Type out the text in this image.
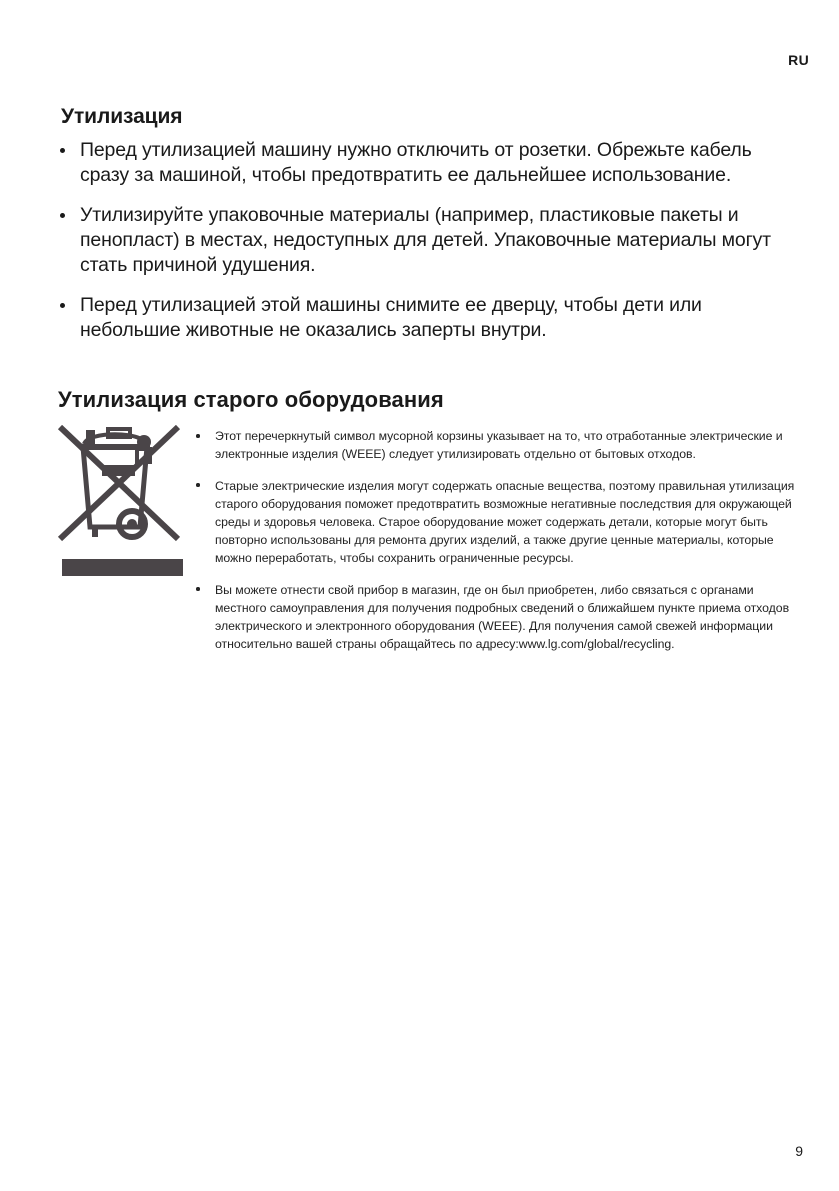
RU
Утилизация
Перед утилизацией машину нужно отключить от розетки. Обрежьте кабель сразу за машиной, чтобы предотвратить ее дальнейшее использование.
Утилизируйте упаковочные материалы (например, пластиковые пакеты и пенопласт) в местах, недоступных для детей. Упаковочные материалы могут стать причиной удушения.
Перед утилизацией этой машины снимите ее дверцу, чтобы дети или небольшие животные не оказались заперты внутри.
Утилизация старого оборудования
Этот перечеркнутый символ мусорной корзины указывает на то, что отработанные электрические и электронные изделия (WEEE) следует утилизировать отдельно от бытовых отходов.
Старые электрические изделия могут содержать опасные вещества, поэтому правильная утилизация старого оборудования поможет предотвратить возможные негативные последствия для окружающей среды и здоровья человека. Старое оборудование может содержать детали, которые могут быть повторно использованы для ремонта других изделий, а также другие ценные материалы, которые можно переработать, чтобы сохранить ограниченные ресурсы.
Вы можете отнести свой прибор в магазин, где он был приобретен, либо связаться с органами местного самоуправления для получения подробных сведений о ближайшем пункте приема отходов электрического и электронного оборудования (WEEE). Для получения самой свежей информации относительно вашей страны обращайтесь по адресу:www.lg.com/global/recycling.
9
